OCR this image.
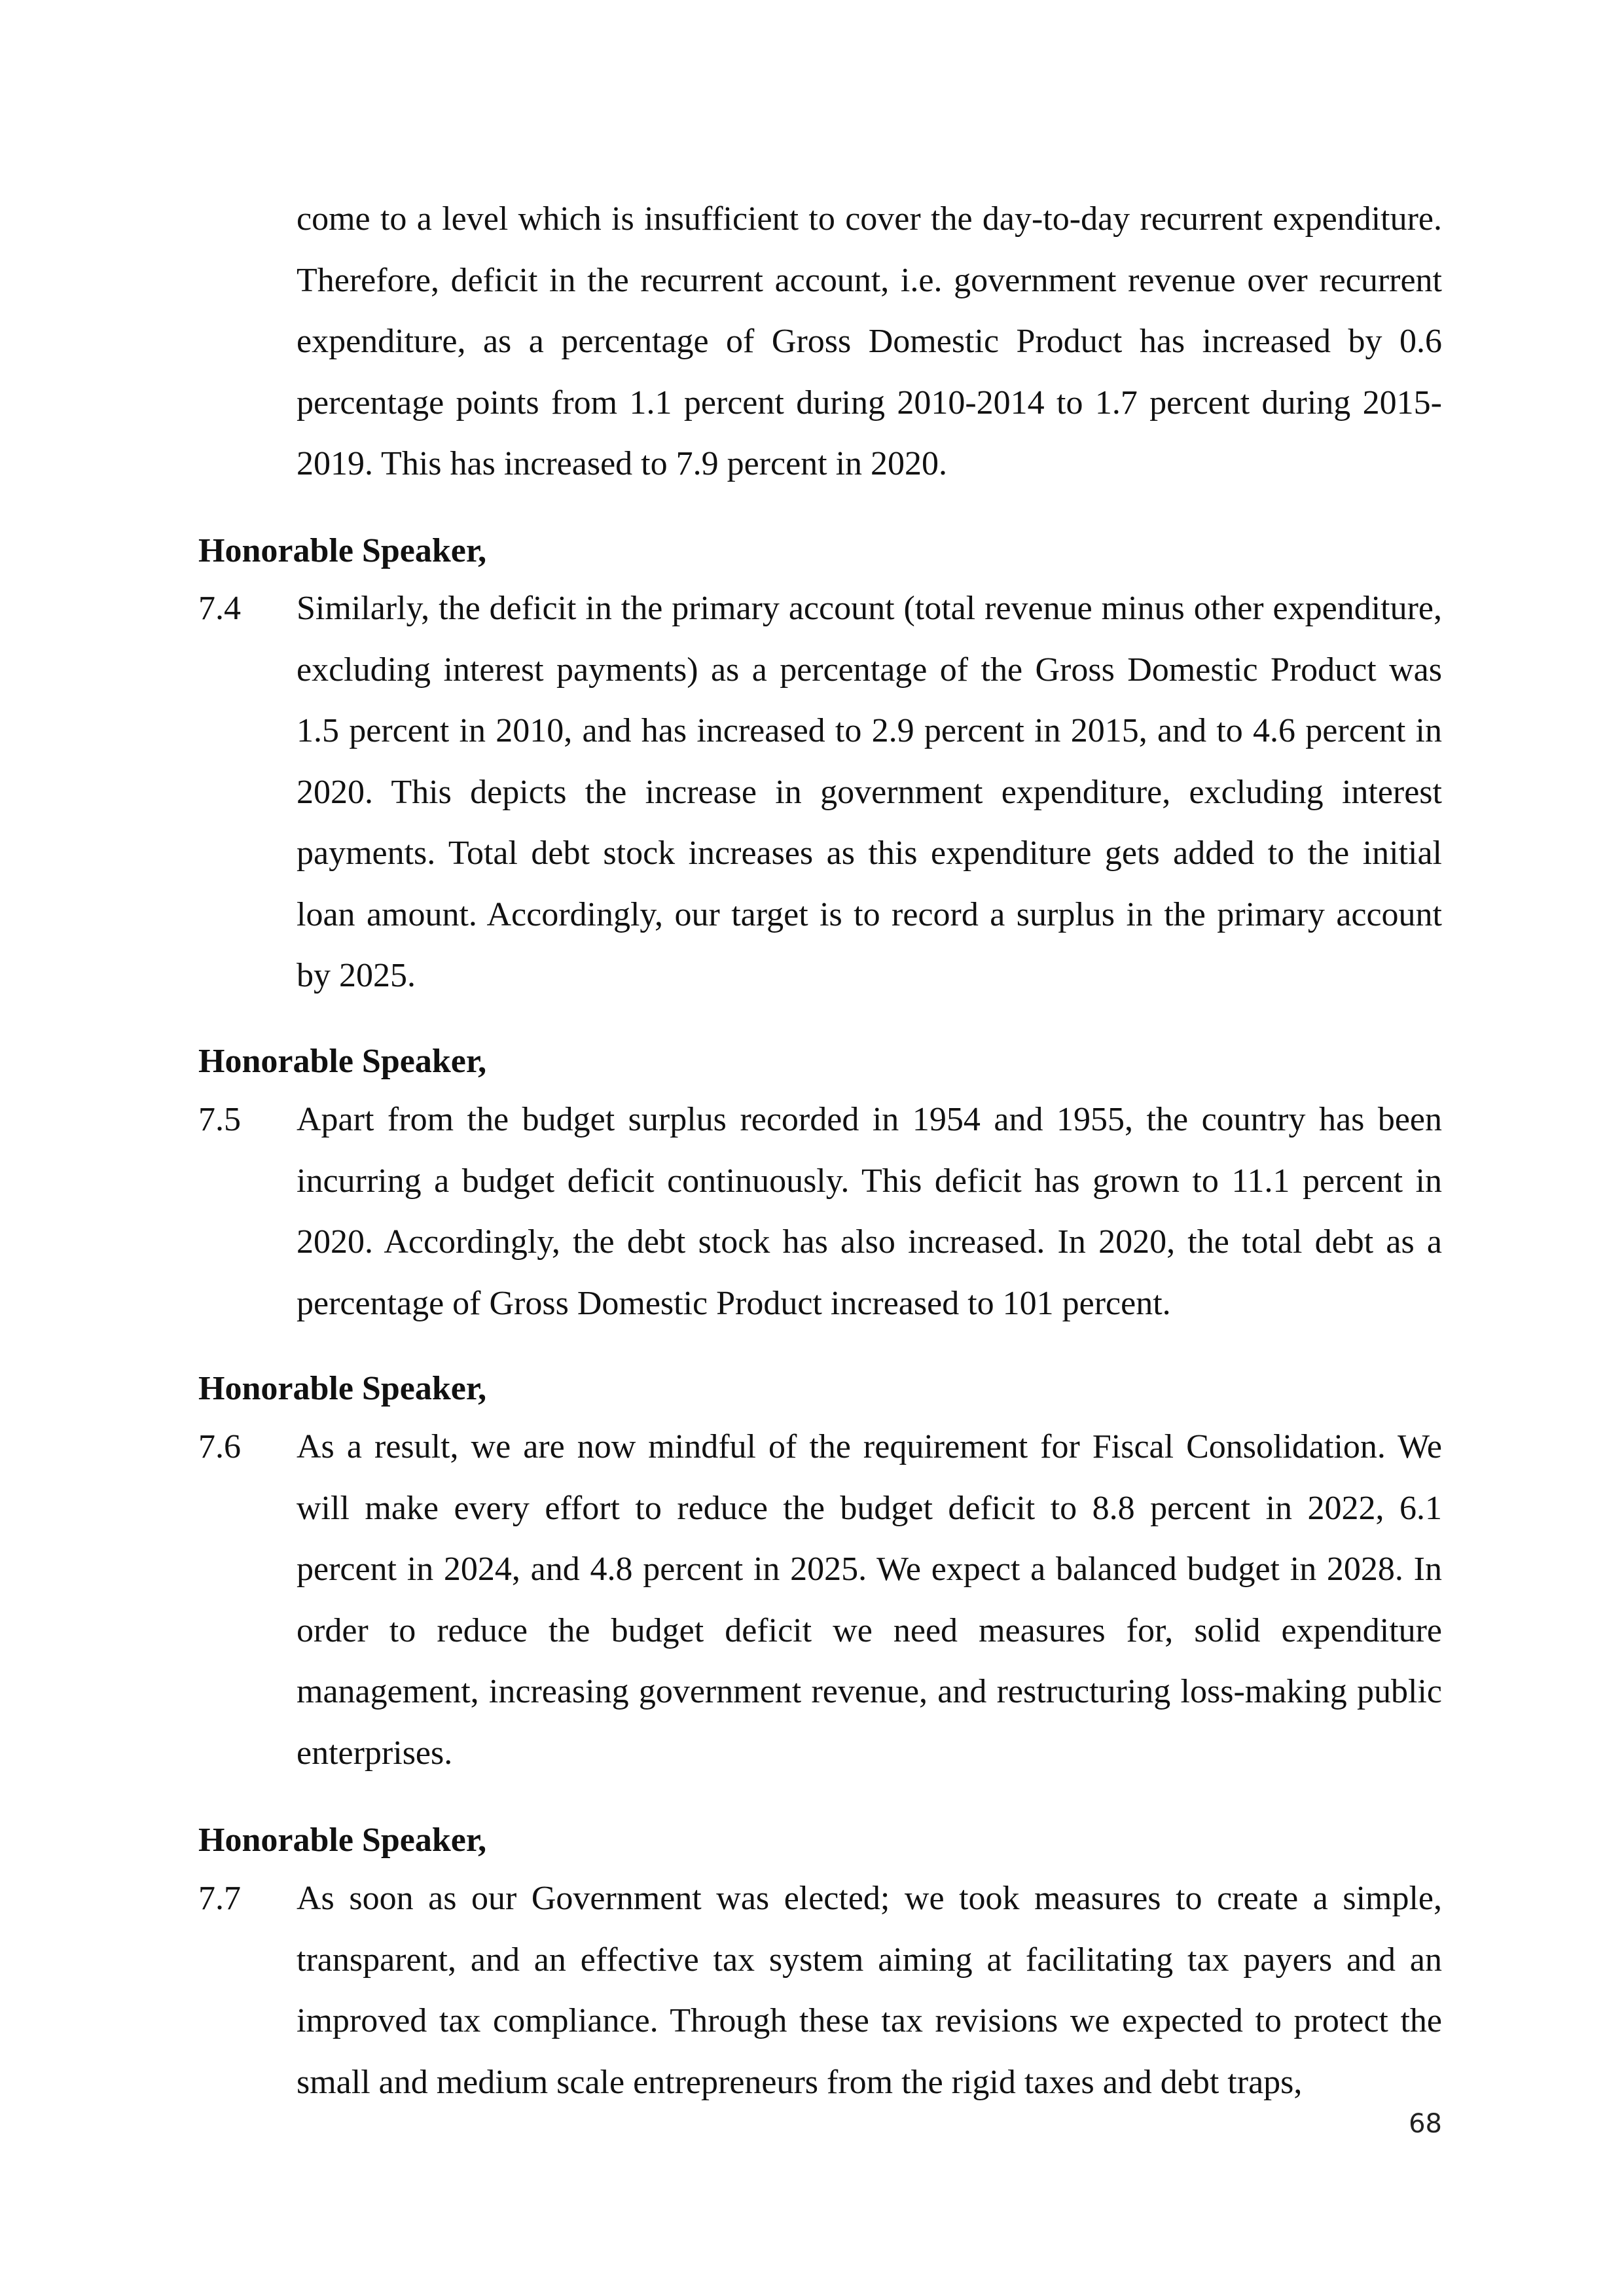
come to a level which is insufficient to cover the day-to-day recurrent expenditure. Therefore, deficit in the recurrent account, i.e. government revenue over recurrent expenditure, as a percentage of Gross Domestic Product has increased by 0.6 percentage points from 1.1 percent during 2010-2014 to 1.7 percent during 2015-2019. This has increased to 7.9 percent in 2020.

Honorable Speaker,

7.4	Similarly, the deficit in the primary account (total revenue minus other expenditure, excluding interest payments) as a percentage of the Gross Domestic Product was 1.5 percent in 2010, and has increased to 2.9 percent in 2015, and to 4.6 percent in 2020. This depicts the increase in government expenditure, excluding interest payments. Total debt stock increases as this expenditure gets added to the initial loan amount. Accordingly, our target is to record a surplus in the primary account by 2025.

Honorable Speaker,

7.5	Apart from the budget surplus recorded in 1954 and 1955, the country has been incurring a budget deficit continuously. This deficit has grown to 11.1 percent in 2020. Accordingly, the debt stock has also increased. In 2020, the total debt as a percentage of Gross Domestic Product increased to 101 percent.

Honorable Speaker,

7.6	As a result, we are now mindful of the requirement for Fiscal Consolidation. We will make every effort to reduce the budget deficit to 8.8 percent in 2022, 6.1 percent in 2024, and 4.8 percent in 2025. We expect a balanced budget in 2028. In order to reduce the budget deficit we need measures for, solid expenditure management, increasing government revenue, and restructuring loss-making public enterprises.

Honorable Speaker,

7.7	As soon as our Government was elected; we took measures to create a simple, transparent, and an effective tax system aiming at facilitating tax payers and an improved tax compliance. Through these tax revisions we expected to protect the small and medium scale entrepreneurs from the rigid taxes and debt traps,

68
